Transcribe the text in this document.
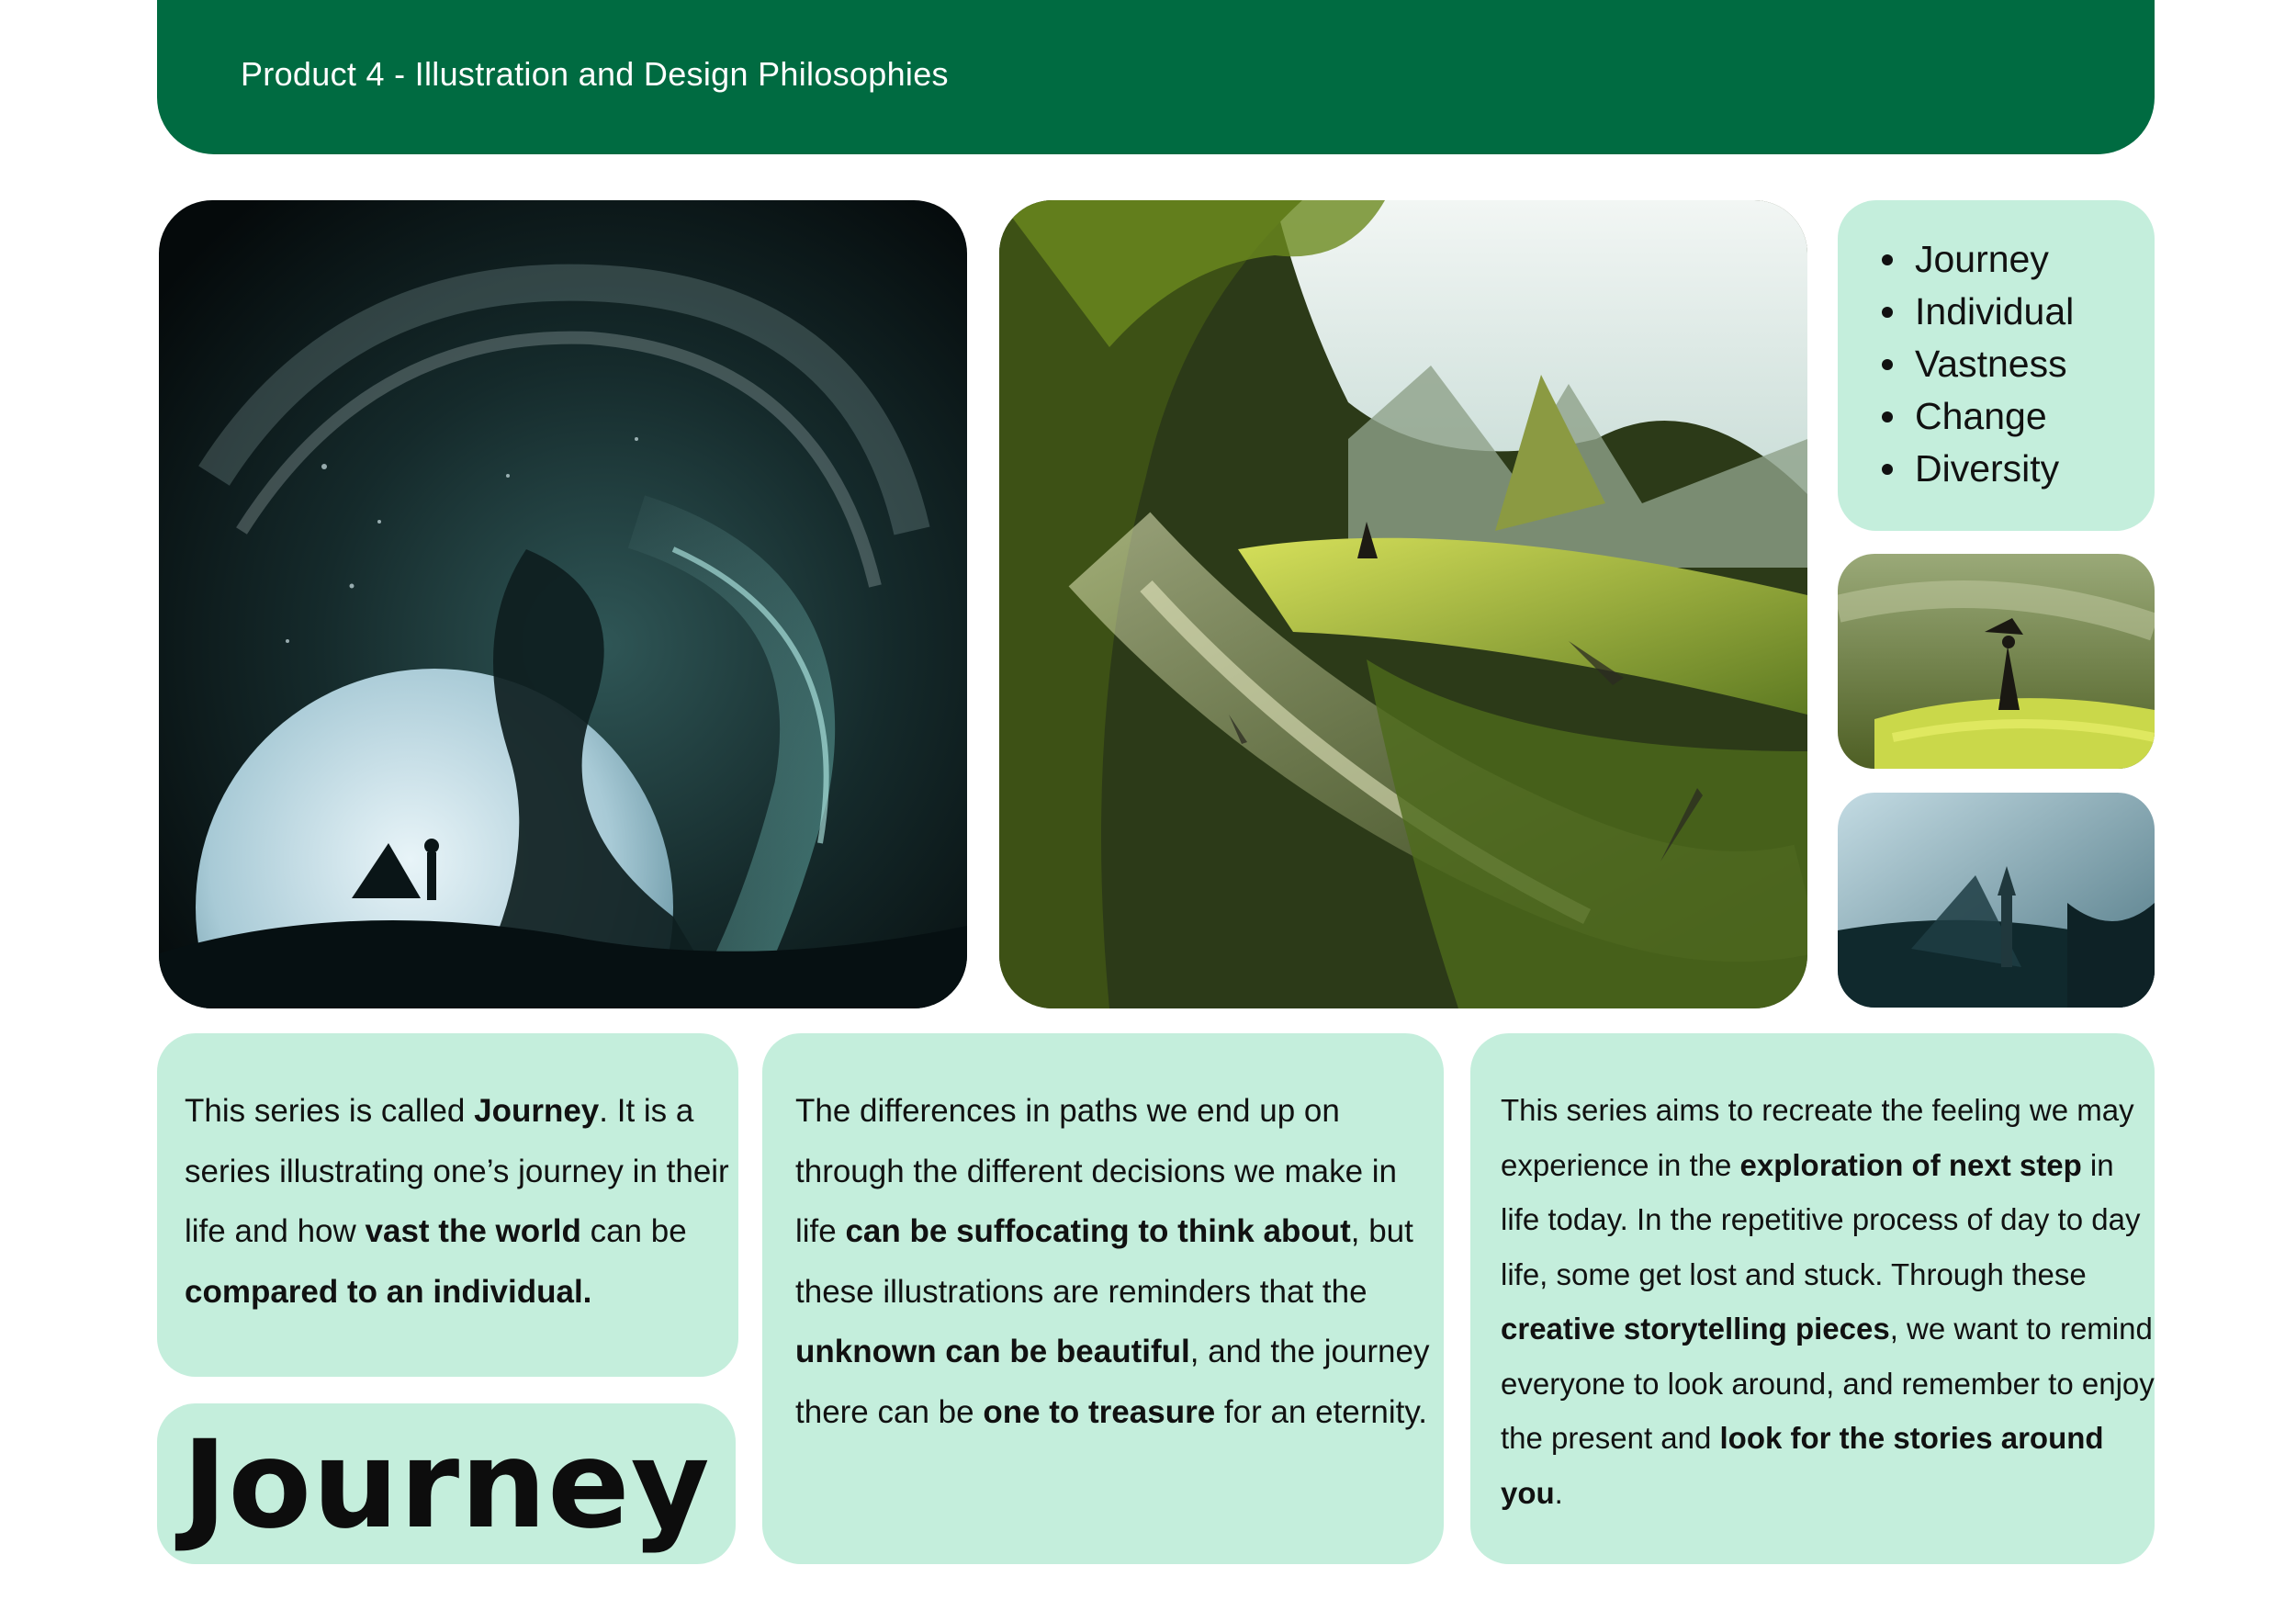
Product 4 - Illustration and Design Philosophies
Journey
Individual
Vastness
Change
Diversity
This series is called Journey. It is a series illustrating one’s journey in their life and how vast the world can be compared to an individual.
Journey
The differences in paths we end up on through the different decisions we make in life can be suffocating to think about, but these illustrations are reminders that the unknown can be beautiful, and the journey there can be one to treasure for an eternity.
This series aims to recreate the feeling we may experience in the exploration of next step in life today. In the repetitive process of day to day life, some get lost and stuck. Through these creative storytelling pieces, we want to remind everyone to look around, and remember to enjoy the present and look for the stories around you.
